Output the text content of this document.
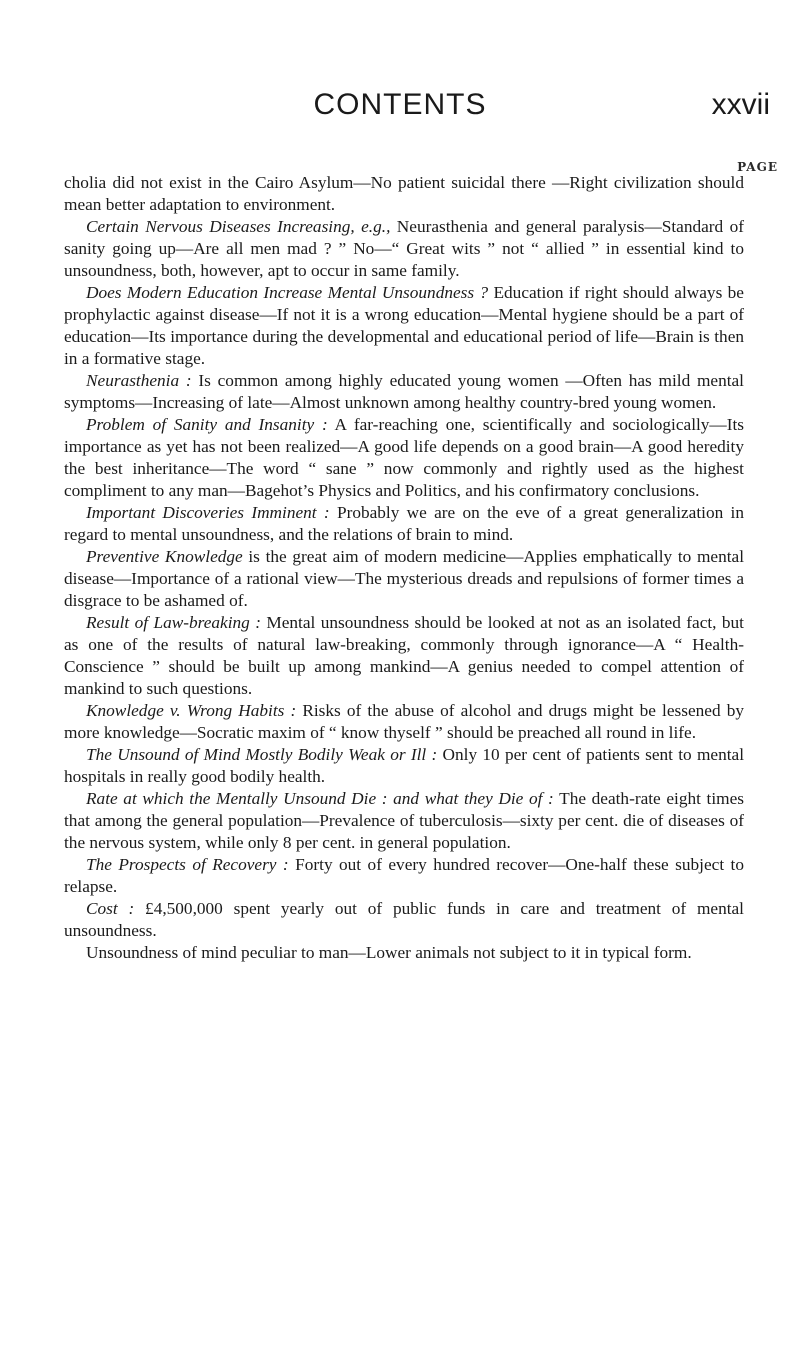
CONTENTS	xxvii
PAGE

cholia did not exist in the Cairo Asylum—No patient suicidal there —Right civilization should mean better adaptation to environment.

Certain Nervous Diseases Increasing, e.g., Neurasthenia and general paralysis—Standard of sanity going up—Are all men mad ? ” No—“ Great wits ” not “ allied ” in essential kind to unsoundness, both, however, apt to occur in same family.

Does Modern Education Increase Mental Unsoundness ? Education if right should always be prophylactic against disease—If not it is a wrong education—Mental hygiene should be a part of education—Its importance during the developmental and educational period of life—Brain is then in a formative stage.

Neurasthenia : Is common among highly educated young women —Often has mild mental symptoms—Increasing of late—Almost unknown among healthy country-bred young women.

Problem of Sanity and Insanity : A far-reaching one, scientifically and sociologically—Its importance as yet has not been realized—A good life depends on a good brain—A good heredity the best inheritance—The word “ sane ” now commonly and rightly used as the highest compliment to any man—Bagehot’s Physics and Politics, and his confirmatory conclusions.

Important Discoveries Imminent : Probably we are on the eve of a great generalization in regard to mental unsoundness, and the relations of brain to mind.

Preventive Knowledge is the great aim of modern medicine—Applies emphatically to mental disease—Importance of a rational view—The mysterious dreads and repulsions of former times a disgrace to be ashamed of.

Result of Law-breaking : Mental unsoundness should be looked at not as an isolated fact, but as one of the results of natural law-breaking, commonly through ignorance—A “ Health-Conscience ” should be built up among mankind—A genius needed to compel attention of mankind to such questions.

Knowledge v. Wrong Habits : Risks of the abuse of alcohol and drugs might be lessened by more knowledge—Socratic maxim of “ know thyself ” should be preached all round in life.

The Unsound of Mind Mostly Bodily Weak or Ill : Only 10 per cent of patients sent to mental hospitals in really good bodily health.

Rate at which the Mentally Unsound Die : and what they Die of : The death-rate eight times that among the general population—Prevalence of tuberculosis—sixty per cent. die of diseases of the nervous system, while only 8 per cent. in general population.

The Prospects of Recovery : Forty out of every hundred recover—One-half these subject to relapse.

Cost : £4,500,000 spent yearly out of public funds in care and treatment of mental unsoundness.

Unsoundness of mind peculiar to man—Lower animals not subject to it in typical form.
